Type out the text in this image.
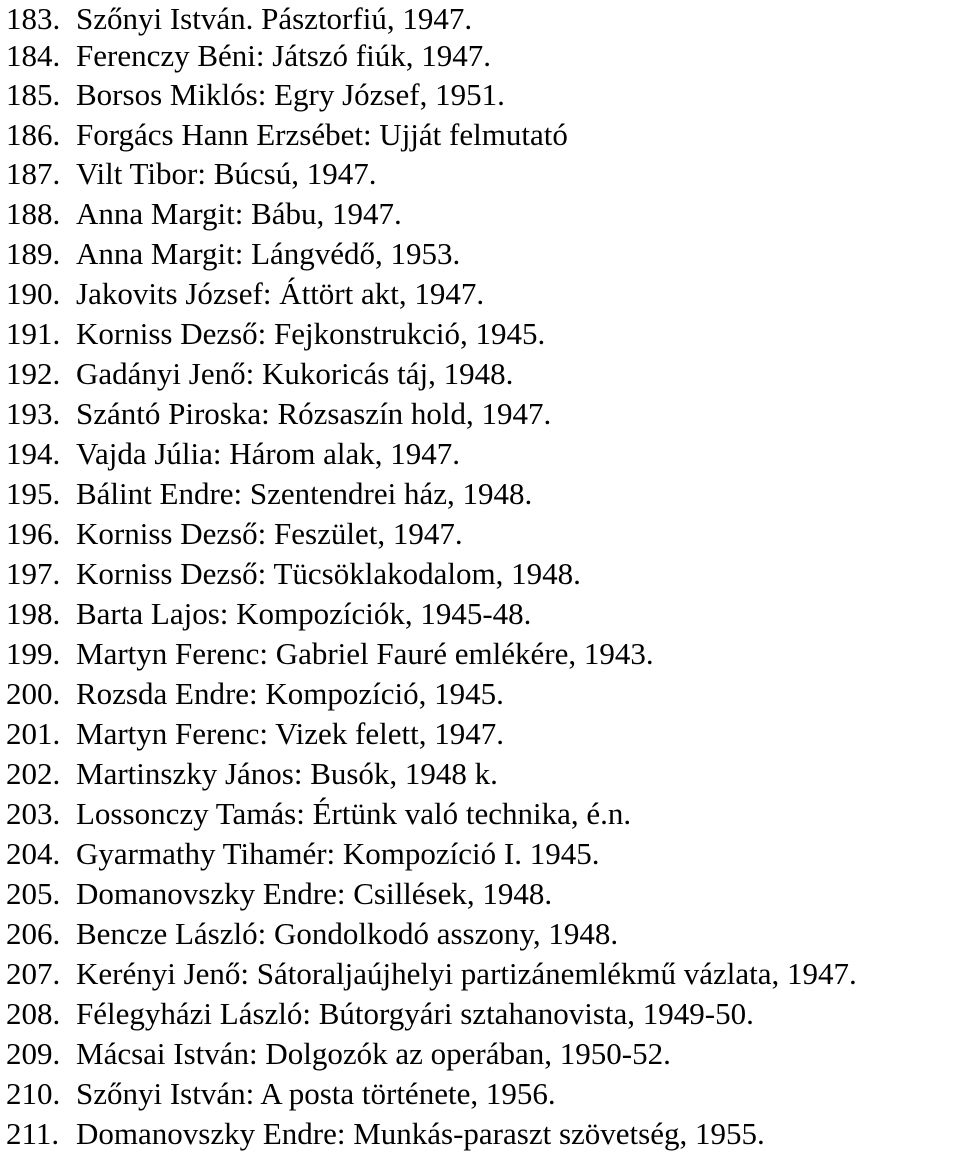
183. Szőnyi István. Pásztorfiú, 1947.
184. Ferenczy Béni: Játszó fiúk, 1947.
185. Borsos Miklós: Egry József, 1951.
186. Forgács Hann Erzsébet: Ujját felmutató
187. Vilt Tibor: Búcsú, 1947.
188. Anna Margit: Bábu, 1947.
189. Anna Margit: Lángvédő, 1953.
190. Jakovits József: Áttört akt, 1947.
191. Korniss Dezső: Fejkonstrukció, 1945.
192. Gadányi Jenő: Kukoricás táj, 1948.
193. Szántó Piroska: Rózsaszín hold, 1947.
194. Vajda Júlia: Három alak, 1947.
195. Bálint Endre: Szentendrei ház, 1948.
196. Korniss Dezső: Feszület, 1947.
197. Korniss Dezső: Tücsöklakodalom, 1948.
198. Barta Lajos: Kompozíciók, 1945-48.
199. Martyn Ferenc: Gabriel Fauré emlékére, 1943.
200. Rozsda Endre: Kompozíció, 1945.
201. Martyn Ferenc: Vizek felett, 1947.
202. Martinszky János: Busók, 1948 k.
203. Lossonczy Tamás: Értünk való technika, é.n.
204. Gyarmathy Tihamér: Kompozíció I. 1945.
205. Domanovszky Endre: Csillések, 1948.
206. Bencze László: Gondolkodó asszony, 1948.
207. Kerényi Jenő: Sátoraljaújhelyi partizánemlékmű vázlata, 1947.
208. Félegyházi László: Bútorgyári sztahanovista, 1949-50.
209. Mácsai István: Dolgozók az operában, 1950-52.
210. Szőnyi István: A posta története, 1956.
211. Domanovszky Endre: Munkás-paraszt szövetség, 1955.
